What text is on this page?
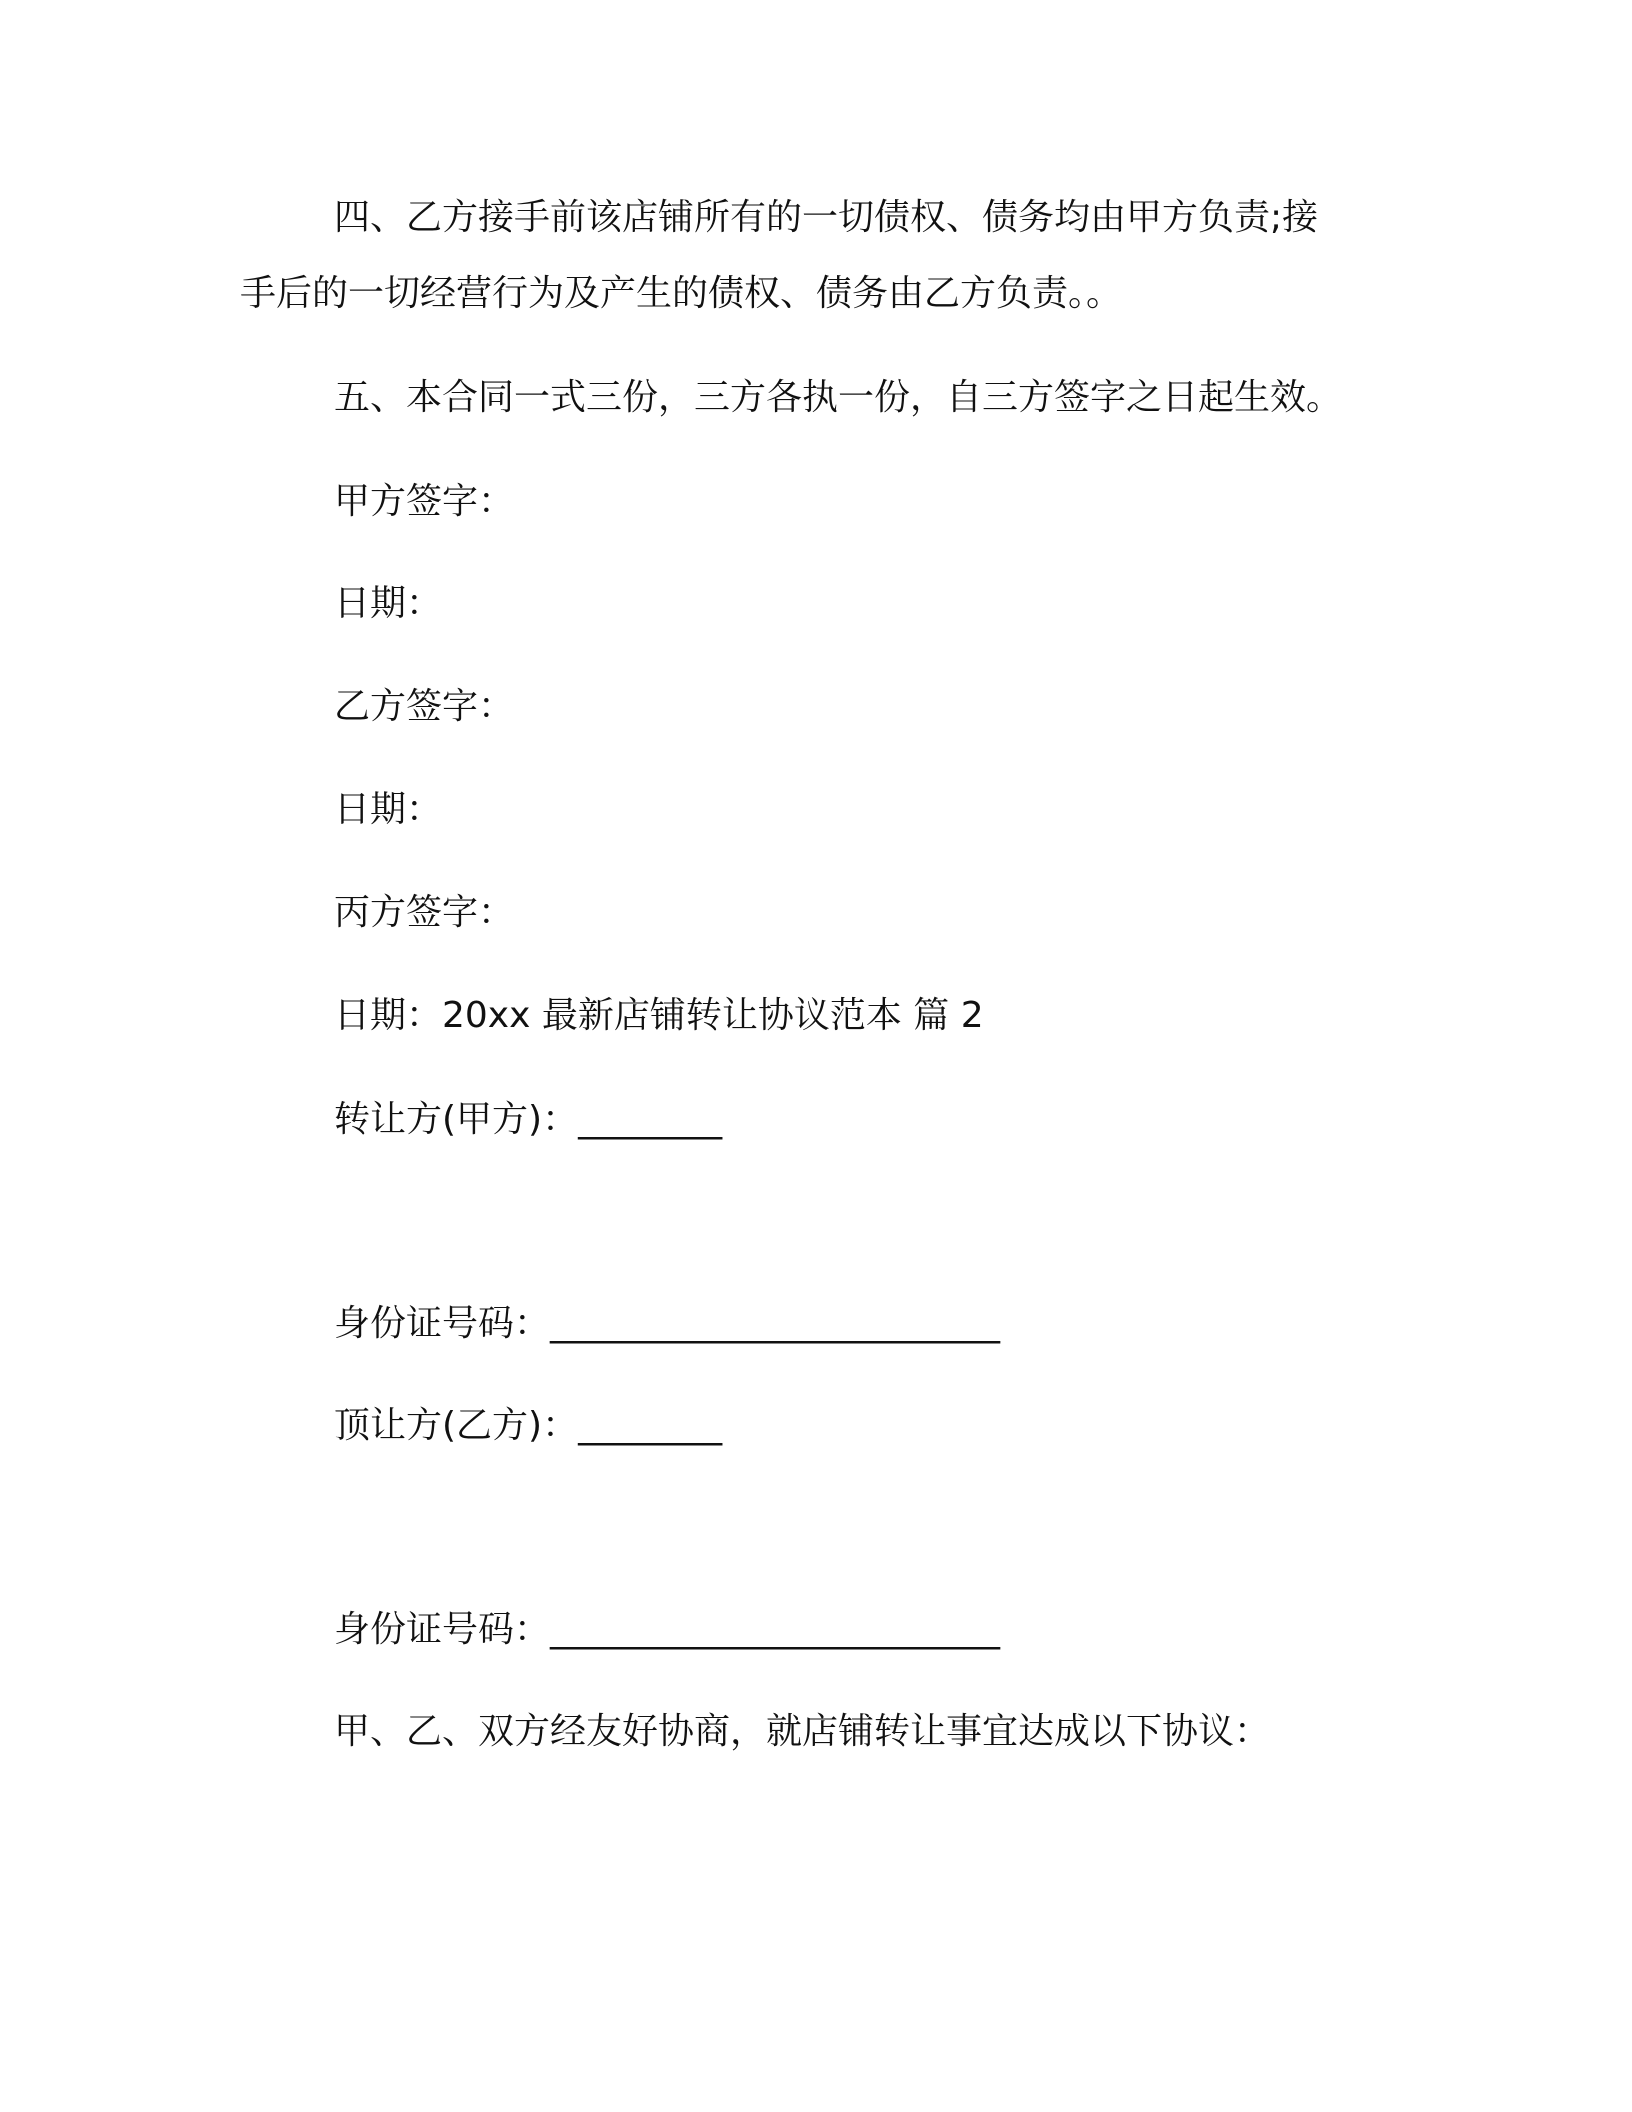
四、乙方接手前该店铺所有的一切债权、债务均由甲方负责;接
手后的一切经营行为及产生的债权、债务由乙方负责。。
五、本合同一式三份，三方各执一份，自三方签字之日起生效。
甲方签字：
日期：
乙方签字：
日期：
丙方签字：
日期：20xx 最新店铺转让协议范本 篇 2
转让方(甲方)：________
身份证号码：_________________________
顶让方(乙方)：________
身份证号码：_________________________
甲、乙、双方经友好协商，就店铺转让事宜达成以下协议：
